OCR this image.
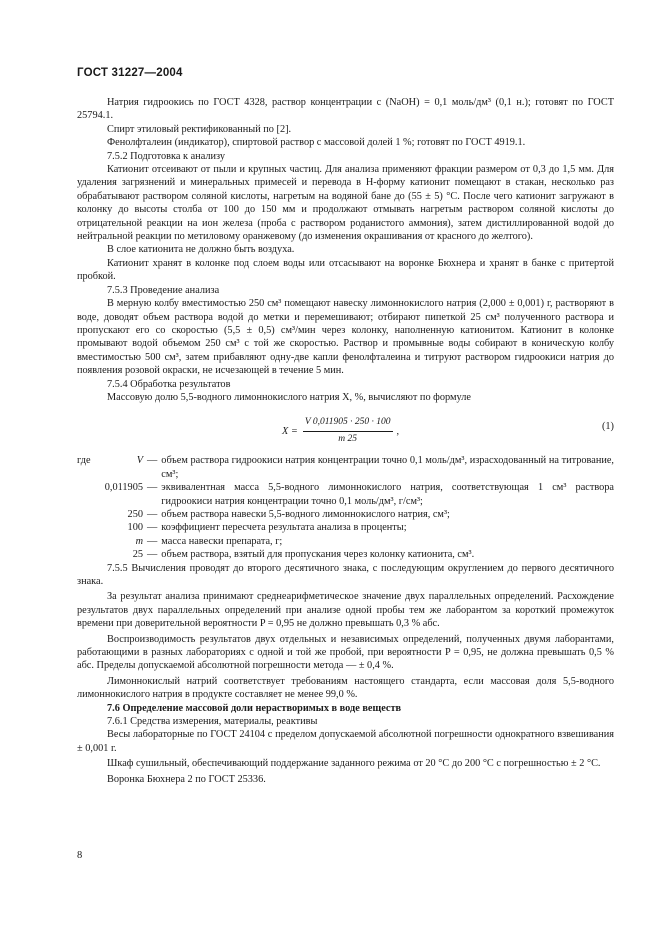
ГОСТ 31227—2004

Натрия гидроокись по ГОСТ 4328, раствор концентрации c (NaOH) = 0,1 моль/дм³ (0,1 н.); готовят по ГОСТ 25794.1.

Спирт этиловый ректификованный по [2].

Фенолфталеин (индикатор), спиртовой раствор с массовой долей 1 %; готовят по ГОСТ 4919.1.

7.5.2 Подготовка к анализу

Катионит отсеивают от пыли и крупных частиц. Для анализа применяют фракции размером от 0,3 до 1,5 мм. Для удаления загрязнений и минеральных примесей и перевода в H-форму катионит помещают в стакан, несколько раз обрабатывают раствором соляной кислоты, нагретым на водяной бане до (55 ± 5) °С. После чего катионит загружают в колонку до высоты столба от 100 до 150 мм и продолжают отмывать нагретым раствором соляной кислоты до отрицательной реакции на ион железа (проба с раствором роданистого аммония), затем дистиллированной водой до нейтральной реакции по метиловому оранжевому (до изменения окрашивания от красного до желтого).

В слое катионита не должно быть воздуха.

Катионит хранят в колонке под слоем воды или отсасывают на воронке Бюхнера и хранят в банке с притертой пробкой.

7.5.3 Проведение анализа

В мерную колбу вместимостью 250 см³ помещают навеску лимоннокислого натрия (2,000 ± 0,001) г, растворяют в воде, доводят объем раствора водой до метки и перемешивают; отбирают пипеткой 25 см³ полученного раствора и пропускают его со скоростью (5,5 ± 0,5) см³/мин через колонку, наполненную катионитом. Катионит в колонке промывают водой объемом 250 см³ с той же скоростью. Раствор и промывные воды собирают в коническую колбу вместимостью 500 см³, затем прибавляют одну-две капли фенолфталеина и титруют раствором гидроокиси натрия до появления розовой окраски, не исчезающей в течение 5 мин.

7.5.4 Обработка результатов

Массовую долю 5,5-водного лимоннокислого натрия X, %, вычисляют по формуле

$X = \frac{V 0,011905 \cdot 250 \cdot 100}{m 25}$ ,	(1)
где	V — объем раствора гидроокиси натрия концентрации точно 0,1 моль/дм³, израсходованный на титрование, см³;
0,011905 — эквивалентная масса 5,5-водного лимоннокислого натрия, соответствующая 1 см³ раствора гидроокиси натрия концентрации точно 0,1 моль/дм³, г/см³;
250 — объем раствора навески 5,5-водного лимоннокислого натрия, см³;
100 — коэффициент пересчета результата анализа в проценты;
m — масса навески препарата, г;
25 — объем раствора, взятый для пропускания через колонку катионита, см³.

7.5.5 Вычисления проводят до второго десятичного знака, с последующим округлением до первого десятичного знака.

За результат анализа принимают среднеарифметическое значение двух параллельных определений. Расхождение результатов двух параллельных определений при анализе одной пробы тем же лаборантом за короткий промежуток времени при доверительной вероятности P = 0,95 не должно превышать 0,3 % абс.

Воспроизводимость результатов двух отдельных и независимых определений, полученных двумя лаборантами, работающими в разных лабораториях с одной и той же пробой, при вероятности P = 0,95, не должна превышать 0,5 % абс. Пределы допускаемой абсолютной погрешности метода — ± 0,4 %.

Лимоннокислый натрий соответствует требованиям настоящего стандарта, если массовая доля 5,5-водного лимоннокислого натрия в продукте составляет не менее 99,0 %.

7.6 Определение массовой доли нерастворимых в воде веществ

7.6.1 Средства измерения, материалы, реактивы

Весы лабораторные по ГОСТ 24104 с пределом допускаемой абсолютной погрешности однократного взвешивания ± 0,001 г.

Шкаф сушильный, обеспечивающий поддержание заданного режима от 20 °С до 200 °С с погрешностью ± 2 °С.

Воронка Бюхнера 2 по ГОСТ 25336.

8
